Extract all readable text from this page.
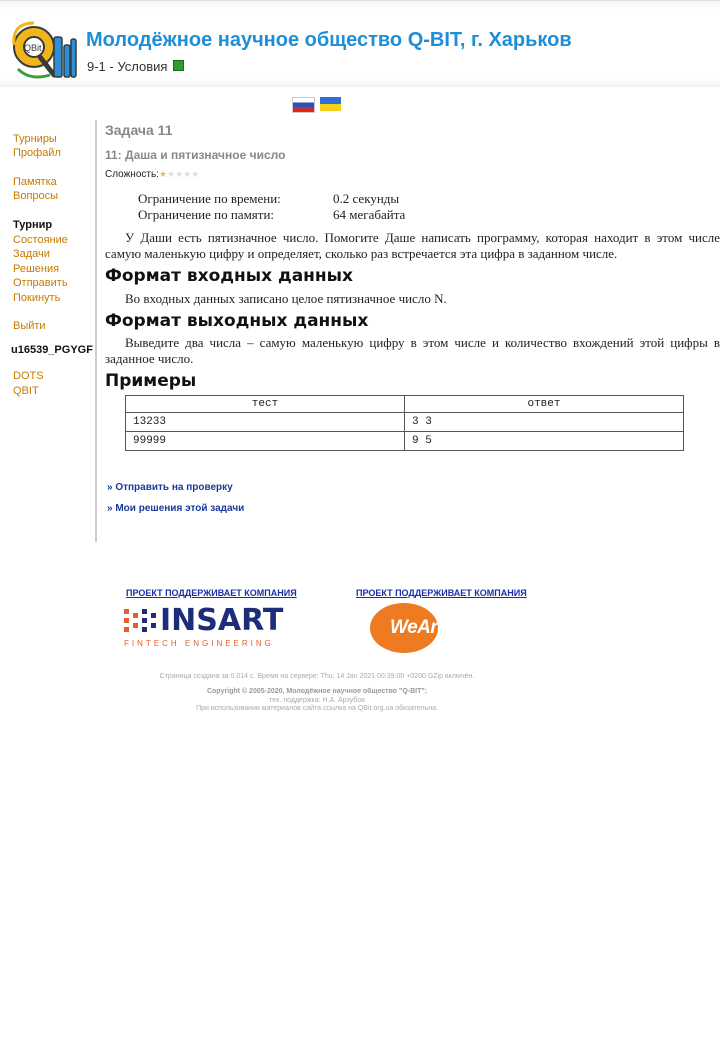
QBit Молодёжное научное общество Q-BIT, г. Харьков
9-1 - Условия
Турниры
Профайл
Памятка
Вопросы
Турнир
Состояние
Задачи
Решения
Отправить
Покинуть
Выйти
u16539_PGYGF
DOTS
QBIT
Задача 11
11: Даша и пятизначное число
Сложность:★★★★★
Ограничение по времени:	0.2 секунды
Ограничение по памяти:	64 мегабайта
У Даши есть пятизначное число. Помогите Даше написать программу, которая находит в этом числе самую маленькую цифру и определяет, сколько раз встречается эта цифра в заданном числе.
Формат входных данных
Во входных данных записано целое пятизначное число N.
Формат выходных данных
Выведите два числа – самую маленькую цифру в этом числе и количество вхождений этой цифры в заданное число.
Примеры
тест	ответ
13233	3 3
99999	9 5
» Отправить на проверку
» Мои решения этой задачи
ПРОЕКТ ПОДДЕРЖИВАЕТ КОМПАНИЯ
INSART
FINTECH ENGINEERING
ПРОЕКТ ПОДДЕРЖИВАЕТ КОМПАНИЯ
WeAreNet
Страница создана за 0.014 с. Время на сервере: Thu, 14 Jan 2021 00:39:00 +0200 GZip включён.
Copyright © 2005-2020, Молодёжное научное общество "Q-BIT";
тех. поддержка: Н.А. Арзубов
При использовании материалов сайта ссылка на QBit.org.ua обязательна.
